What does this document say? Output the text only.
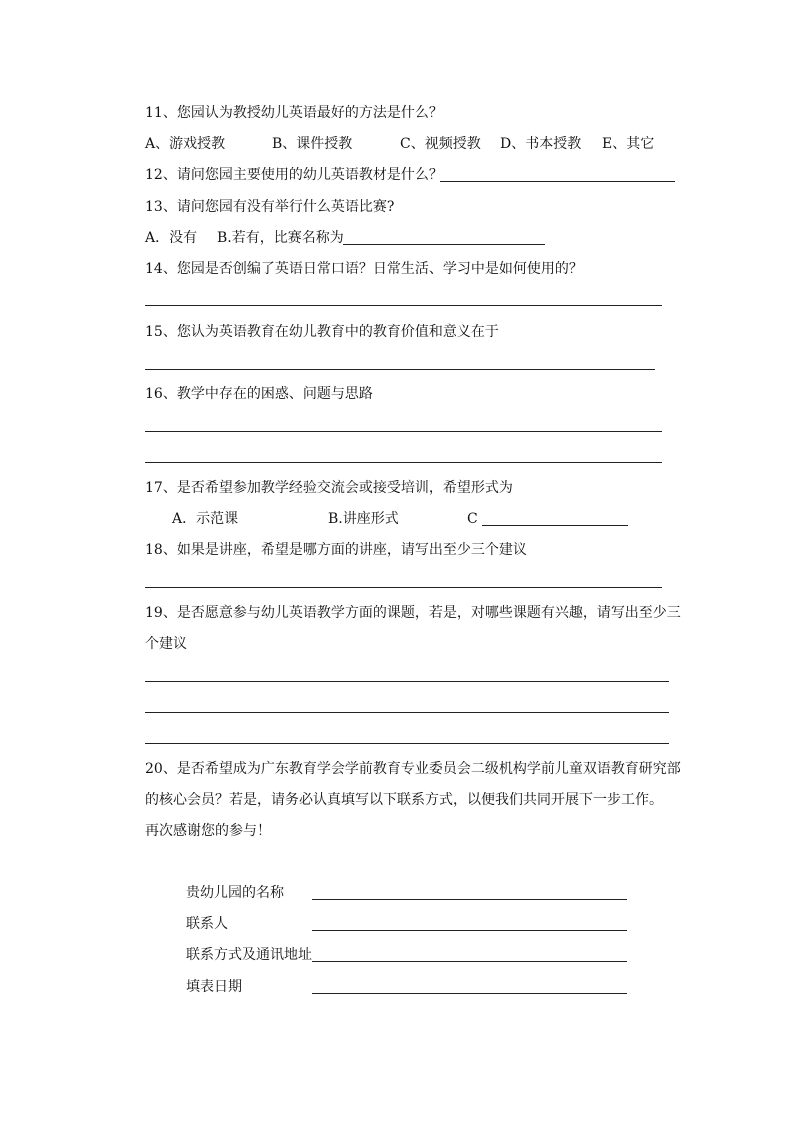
11、您园认为教授幼儿英语最好的方法是什么？
A、游戏授教	B、课件授教	C、视频授教 D、书本授教 E、其它
12、请问您园主要使用的幼儿英语教材是什么？
13、请问您园有没有举行什么英语比赛?
A．没有 B.若有，比赛名称为
14、您园是否创编了英语日常口语？日常生活、学习中是如何使用的？
15、您认为英语教育在幼儿教育中的教育价值和意义在于
16、教学中存在的困惑、问题与思路
17、是否希望参加教学经验交流会或接受培训，希望形式为
A．示范课	B.讲座形式	C
18、如果是讲座，希望是哪方面的讲座，请写出至少三个建议
19、是否愿意参与幼儿英语教学方面的课题，若是，对哪些课题有兴趣，请写出至少三
个建议
20、是否希望成为广东教育学会学前教育专业委员会二级机构学前儿童双语教育研究部
的核心会员？若是，请务必认真填写以下联系方式，以便我们共同开展下一步工作。
再次感谢您的参与！
贵幼儿园的名称
联系人
联系方式及通讯地址
填表日期
